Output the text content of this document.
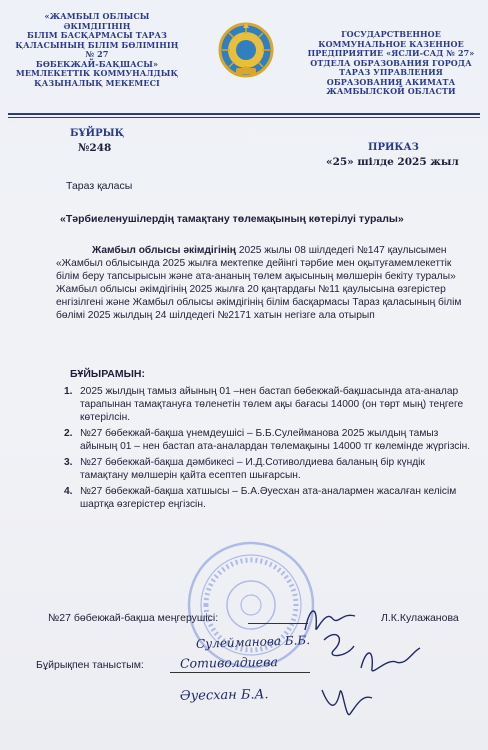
«ЖАМБЫЛ ОБЛЫСЫ ӘКІМДІГІНІҢ
БІЛІМ БАСҚАРМАСЫ ТАРАЗ
ҚАЛАСЫНЫҢ БІЛІМ БӨЛІМІНІҢ № 27
БӨБЕКЖАЙ-БАҚШАСЫ»
МЕМЛЕКЕТТІК КОММУНАЛДЫҚ
ҚАЗЫНАЛЫҚ МЕКЕМЕСІ
ГОСУДАРСТВЕННОЕ
КОММУНАЛЬНОЕ КАЗЕННОЕ
ПРЕДПРИЯТИЕ «ЯСЛИ-САД № 27»
ОТДЕЛА ОБРАЗОВАНИЯ ГОРОДА
ТАРАЗ УПРАВЛЕНИЯ
ОБРАЗОВАНИЯ АКИМАТА
ЖАМБЫЛСКОЙ ОБЛАСТИ
БҰЙРЫҚ
№248	ПРИКАЗ
«25» шілде 2025 жыл
Тараз қаласы
«Тәрбиеленушілердің тамақтану төлемақының көтерілуі туралы»
Жамбыл облысы әкімдігінің 2025 жылы 08 шілдедегі №147 қаулысымен «Жамбыл облысында 2025 жылға мектепке дейінгі тәрбие мен оқытуғамемлекеттік білім беру тапсырысын және ата-ананың төлем ақысының мөлшерін бекіту туралы» Жамбыл облысы әкімдігінің 2025 жылға 20 қаңтардағы №11 қаулысына өзгерістер енгізілгені және Жамбыл облысы әкімдігінің білім басқармасы Тараз қаласының білім бөлімі 2025 жылдың 24 шілдедегі №2171 хатын негізге ала отырып
БҰЙЫРАМЫН:
1. 2025 жылдың тамыз айының 01 –нен бастап бөбекжай-бақшасында ата-аналар тарапынан тамақтануға төленетін төлем ақы бағасы 14000 (он төрт мың) теңгеге көтерілсін.
2. №27 бөбекжай-бақша үнемдеушісі – Б.Б.Сулейманова 2025 жылдың тамыз айының 01 – нен бастап ата-аналардан төлемақыны 14000 тг көлемінде жүргізсін.
3. №27 бөбекжай-бақша дәмбикесі – И.Д.Сотиволдиева баланың бір күндік тамақтану мөлшерін қайта есептеп шығарсын.
4. №27 бөбекжай-бақша хатшысы – Б.А.Әуесхан ата-аналармен жасалған келісім шартқа өзгерістер еңгізсін.
№27 бөбекжай-бақша меңгерушісі:	Л.К.Кулажанова
Бұйрықпен таныстым:
Сулейманова Б.Б.
Сотиволдиева
Әуесхан Б.А.
